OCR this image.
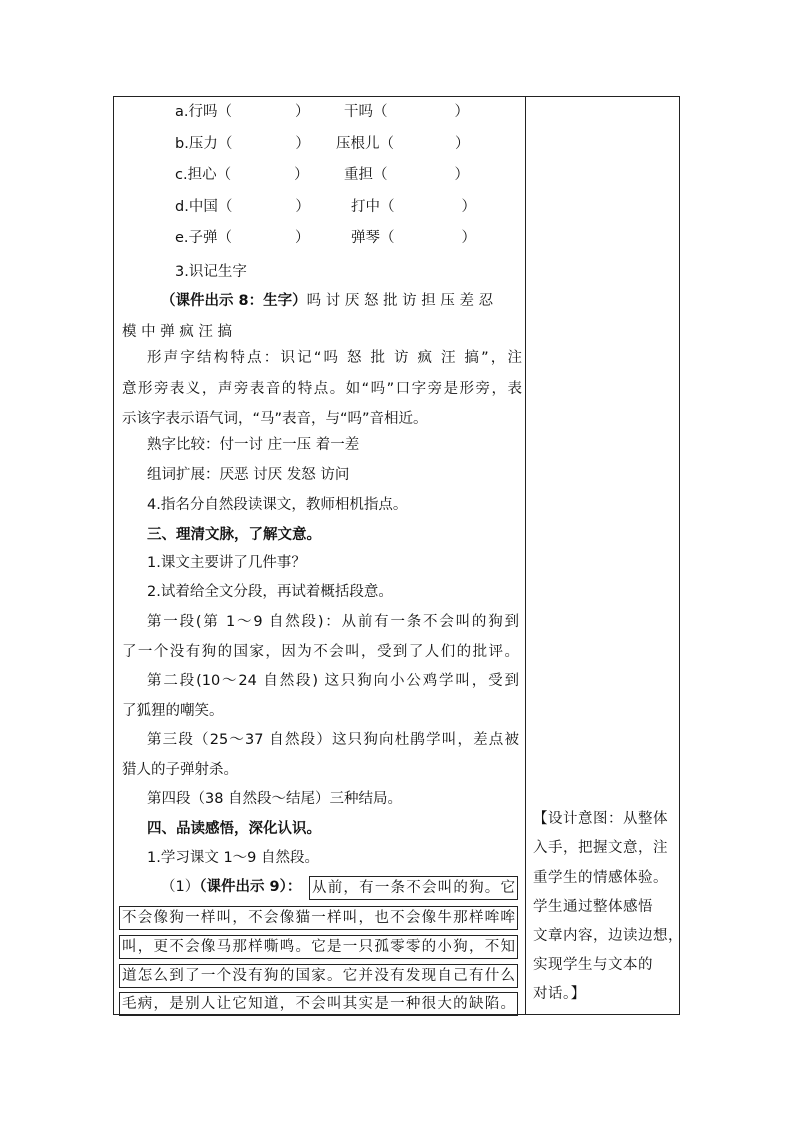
a.行吗（	） 干吗（	）
b.压力（	） 压根儿（	）
c.担心（	） 重担（	）
d.中国（	）	打中（	）
e.子弹（	）	弹琴（	）
3.识记生字
（课件出示 8：生字）吗 讨 厌 怒 批 访 担 压 差 忍
模 中 弹 疯 汪 搞
形声字结构特点：识记“吗 怒 批 访 疯 汪 搞”，注
意形旁表义，声旁表音的特点。如“吗”口字旁是形旁，表
示该字表示语气词，“马”表音，与“吗”音相近。
熟字比较：付一讨 庄一压 着一差
组词扩展：厌恶 讨厌 发怒 访问
4.指名分自然段读课文，教师相机指点。
三、理清文脉，了解文意。
1.课文主要讲了几件事？
2.试着给全文分段，再试着概括段意。
第一段(第 1～9 自然段)：从前有一条不会叫的狗到
了一个没有狗的国家，因为不会叫，受到了人们的批评。
第二段(10～24 自然段) 这只狗向小公鸡学叫，受到
了狐狸的嘲笑。
第三段（25～37 自然段）这只狗向杜鹃学叫，差点被
猎人的子弹射杀。
第四段（38 自然段～结尾）三种结局。
四、品读感悟，深化认识。
1.学习课文 1～9 自然段。
（1）（课件出示 9）： 从前，有一条不会叫的狗。它
不会像狗一样叫，不会像猫一样叫，也不会像牛那样哞哞
叫，更不会像马那样嘶鸣。它是一只孤零零的小狗，不知
道怎么到了一个没有狗的国家。它并没有发现自己有什么
毛病，是别人让它知道，不会叫其实是一种很大的缺陷。
【设计意图：从整体
入手，把握文意，注
重学生的情感体验。
学生通过整体感悟
文章内容，边读边想，
实现学生与文本的
对话。】
